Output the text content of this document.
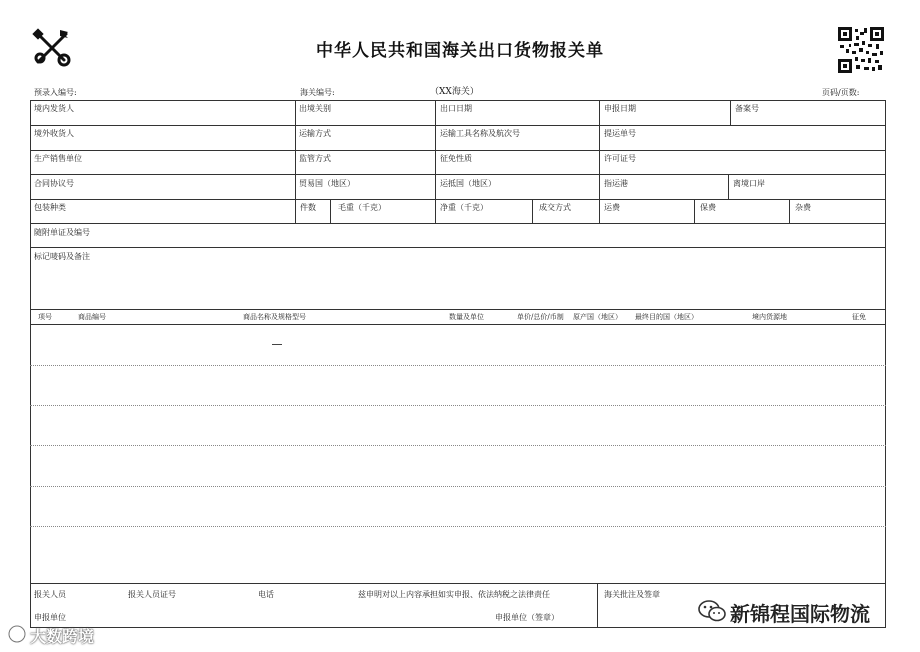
中华人民共和国海关出口货物报关单
预录入编号:	海关编号:	（XX海关）	页码/页数:
境内发货人	出境关别	出口日期	申报日期	备案号
境外收货人	运输方式	运输工具名称及航次号	提运单号
生产销售单位	监管方式	征免性质	许可证号
合同协议号	贸易国（地区）	运抵国（地区）	指运港	离境口岸
包装种类	件数	毛重（千克）	净重（千克）	成交方式	运费	保费	杂费
随附单证及编号
标记唛码及备注
项号	商品编号	商品名称及规格型号	数量及单位	单价/总价/币制 原产国（地区） 最终目的国（地区）	境内货源地	征免
报关人员	报关人员证号	电话	兹申明对以上内容承担如实申报、依法纳税之法律责任
申报单位	申报单位（签章）
海关批注及签章
大数跨境
新锦程国际物流
